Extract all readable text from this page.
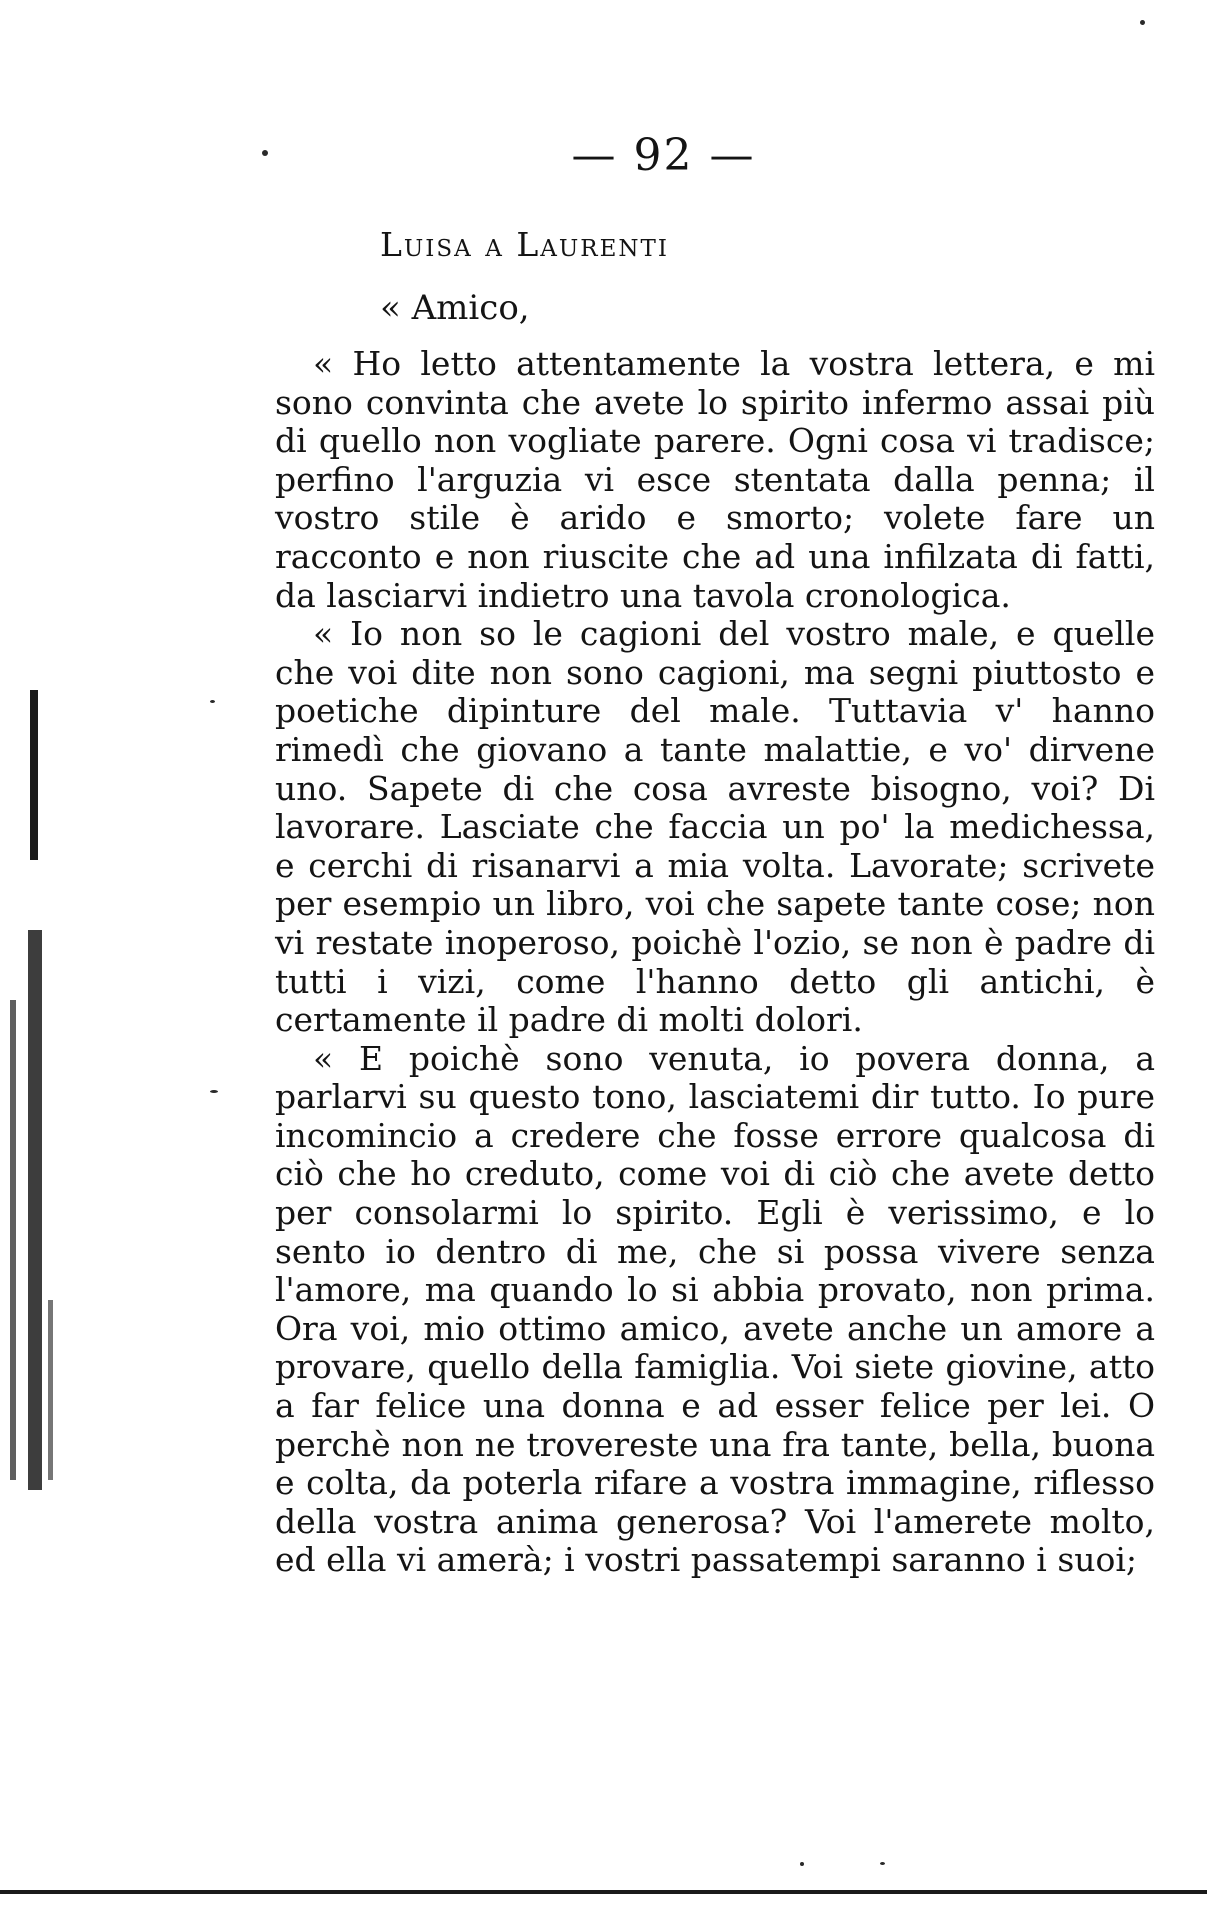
— 92 —
Luisa a Laurenti
« Amico,

« Ho letto attentamente la vostra lettera, e mi sono convinta che avete lo spirito infermo assai più di quello non vogliate parere. Ogni cosa vi tradisce; perfino l'arguzia vi esce stentata dalla penna; il vostro stile è arido e smorto; volete fare un racconto e non riuscite che ad una infilzata di fatti, da lasciarvi indietro una tavola cronologica.

« Io non so le cagioni del vostro male, e quelle che voi dite non sono cagioni, ma segni piuttosto e poetiche dipinture del male. Tuttavia v' hanno rimedì che giovano a tante malattie, e vo' dirvene uno. Sapete di che cosa avreste bisogno, voi? Di lavorare. Lasciate che faccia un po' la medichessa, e cerchi di risanarvi a mia volta. Lavorate; scrivete per esempio un libro, voi che sapete tante cose; non vi restate inoperoso, poichè l'ozio, se non è padre di tutti i vizi, come l'hanno detto gli antichi, è certamente il padre di molti dolori.

« E poichè sono venuta, io povera donna, a parlarvi su questo tono, lasciatemi dir tutto. Io pure incomincio a credere che fosse errore qualcosa di ciò che ho creduto, come voi di ciò che avete detto per consolarmi lo spirito. Egli è verissimo, e lo sento io dentro di me, che si possa vivere senza l'amore, ma quando lo si abbia provato, non prima. Ora voi, mio ottimo amico, avete anche un amore a provare, quello della famiglia. Voi siete giovine, atto a far felice una donna e ad esser felice per lei. O perchè non ne trovereste una fra tante, bella, buona e colta, da poterla rifare a vostra immagine, riflesso della vostra anima generosa? Voi l'amerete molto, ed ella vi amerà; i vostri passatempi saranno i suoi;
